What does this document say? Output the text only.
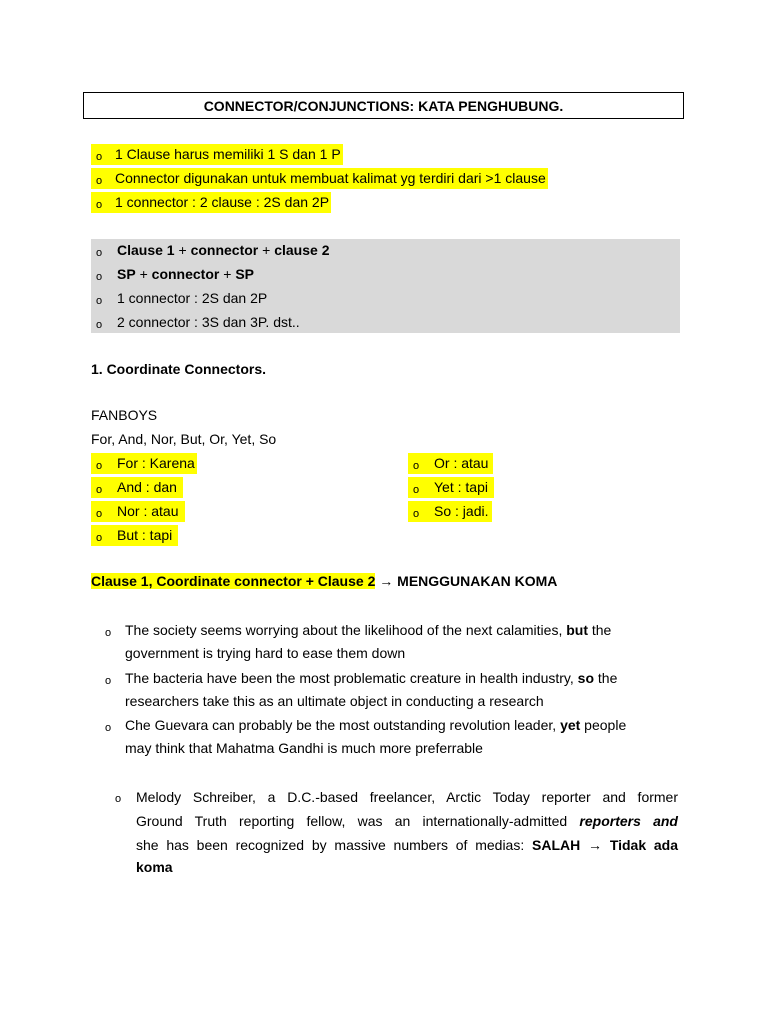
CONNECTOR/CONJUNCTIONS: KATA PENGHUBUNG.
o 1 Clause harus memiliki 1 S dan 1 P
o Connector digunakan untuk membuat kalimat yg terdiri dari >1 clause
o 1 connector : 2 clause : 2S dan 2P
o Clause 1 + connector + clause 2
o SP + connector + SP
o 1 connector : 2S dan 2P
o 2 connector : 3S dan 3P. dst..
1. Coordinate Connectors.
FANBOYS
For, And, Nor, But, Or, Yet, So
o For : Karena
o And : dan
o Nor : atau
o But : tapi
o Or : atau
o Yet : tapi
o So : jadi.
Clause 1, Coordinate connector + Clause 2 → MENGGUNAKAN KOMA
o The society seems worrying about the likelihood of the next calamities, but the
government is trying hard to ease them down
o The bacteria have been the most problematic creature in health industry, so the
researchers take this as an ultimate object in conducting a research
o Che Guevara can probably be the most outstanding revolution leader, yet people
may think that Mahatma Gandhi is much more preferrable
o Melody Schreiber, a D.C.-based freelancer, Arctic Today reporter and former
Ground Truth reporting fellow, was an internationally-admitted reporters and
she has been recognized by massive numbers of medias: SALAH → Tidak ada
koma
